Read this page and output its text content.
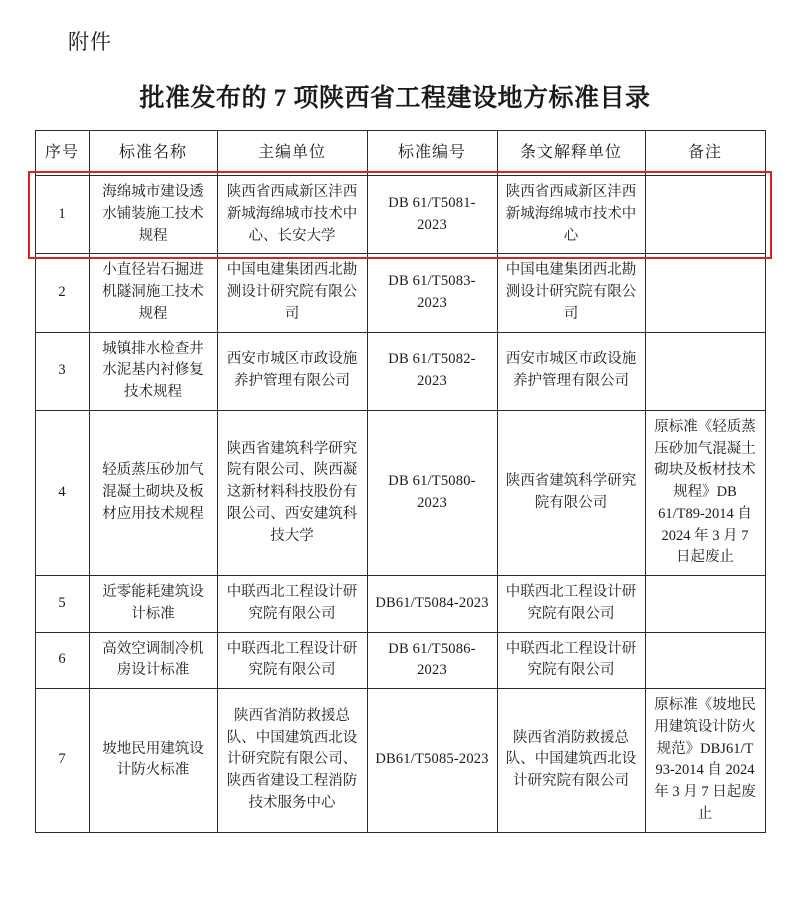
附件
批准发布的 7 项陕西省工程建设地方标准目录
序号	标准名称	主编单位	标准编号	条文解释单位	备注
1	海绵城市建设透水铺装施工技术规程	陕西省西咸新区沣西新城海绵城市技术中心、长安大学	DB 61/T5081-2023	陕西省西咸新区沣西新城海绵城市技术中心	
2	小直径岩石掘进机隧洞施工技术规程	中国电建集团西北勘测设计研究院有限公司	DB 61/T5083-2023	中国电建集团西北勘测设计研究院有限公司	
3	城镇排水检查井水泥基内衬修复技术规程	西安市城区市政设施养护管理有限公司	DB 61/T5082-2023	西安市城区市政设施养护管理有限公司	
4	轻质蒸压砂加气混凝土砌块及板材应用技术规程	陕西省建筑科学研究院有限公司、陕西凝这新材料科技股份有限公司、西安建筑科技大学	DB 61/T5080-2023	陕西省建筑科学研究院有限公司	原标准《轻质蒸压砂加气混凝土砌块及板材技术规程》DB 61/T89-2014 自 2024 年 3 月 7 日起废止
5	近零能耗建筑设计标准	中联西北工程设计研究院有限公司	DB61/T5084-2023	中联西北工程设计研究院有限公司	
6	高效空调制冷机房设计标准	中联西北工程设计研究院有限公司	DB 61/T5086-2023	中联西北工程设计研究院有限公司	
7	坡地民用建筑设计防火标准	陕西省消防救援总队、中国建筑西北设计研究院有限公司、陕西省建设工程消防技术服务中心	DB61/T5085-2023	陕西省消防救援总队、中国建筑西北设计研究院有限公司	原标准《坡地民用建筑设计防火规范》DBJ61/T 93-2014 自 2024 年 3 月 7 日起废止
